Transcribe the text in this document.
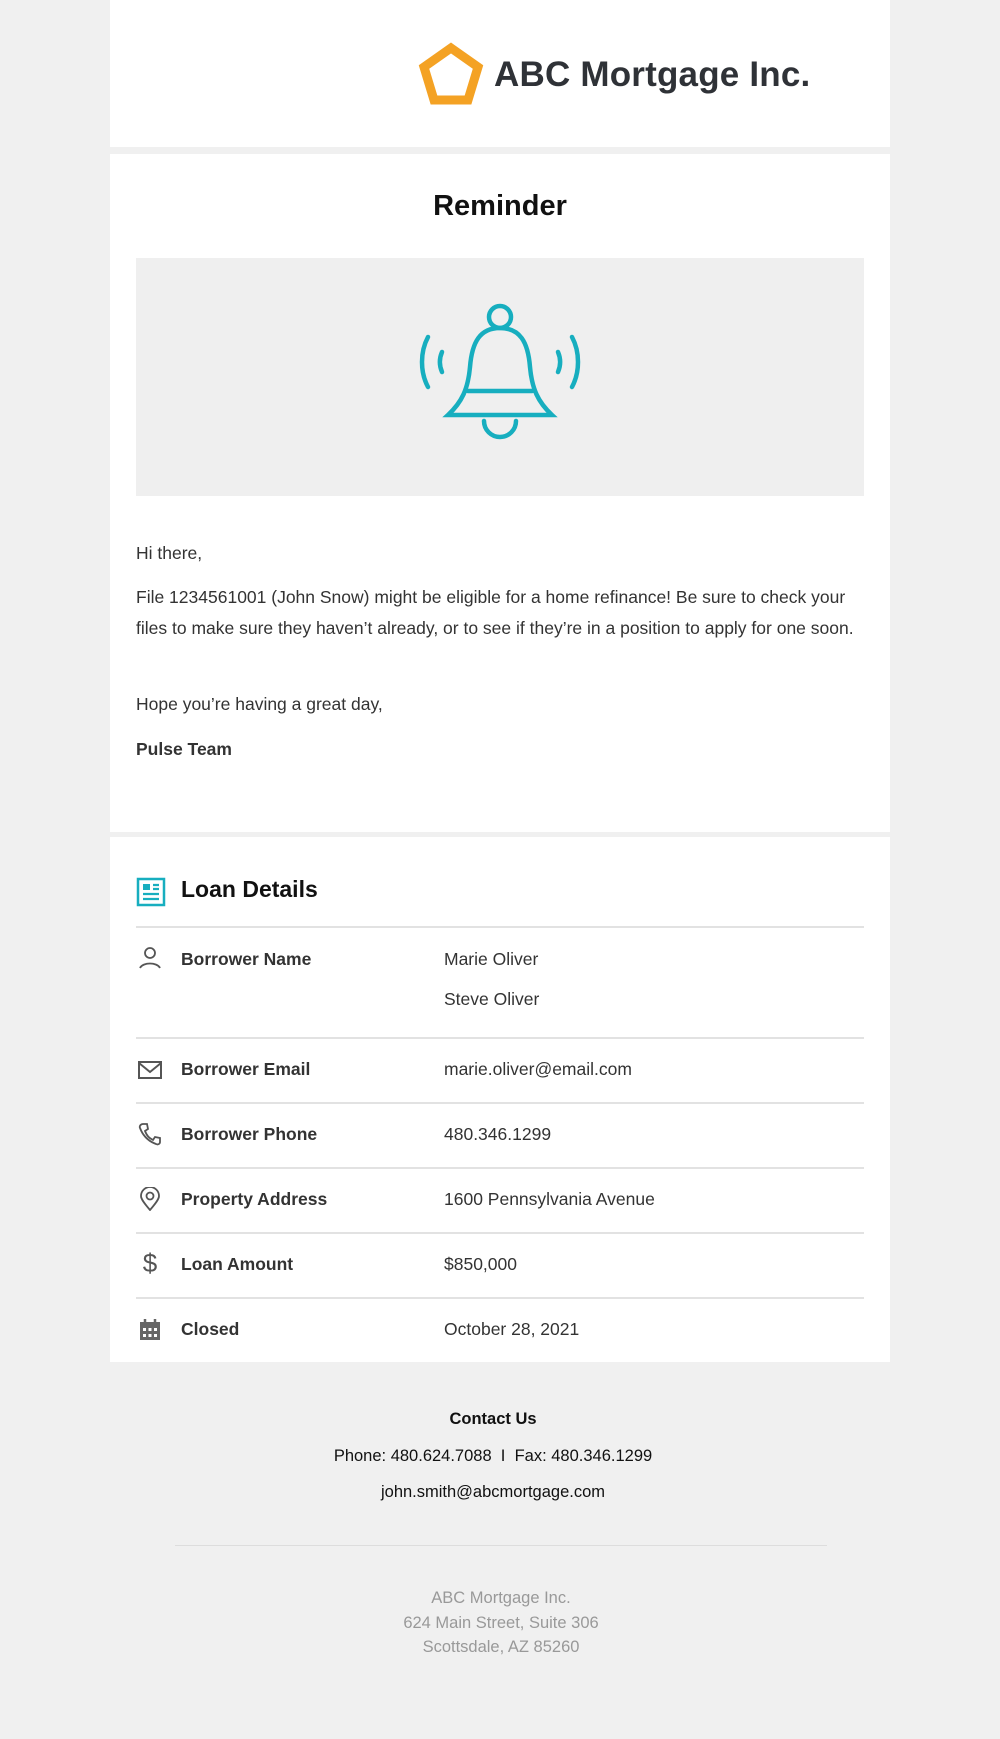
ABC Mortgage Inc.
Reminder
Hi there,
File 1234561001 (John Snow) might be eligible for a home refinance! Be sure to check your files to make sure they haven’t already, or to see if they’re in a position to apply for one soon.
Hope you’re having a great day,
Pulse Team
Loan Details
Borrower Name	Marie Oliver
Steve Oliver
Borrower Email	marie.oliver@email.com
Borrower Phone	480.346.1299
Property Address	1600 Pennsylvania Avenue
$ Loan Amount	$850,000
Closed	October 28, 2021
Contact Us
Phone: 480.624.7088  I  Fax: 480.346.1299
john.smith@abcmortgage.com
ABC Mortgage Inc.
624 Main Street, Suite 306
Scottsdale, AZ 85260
